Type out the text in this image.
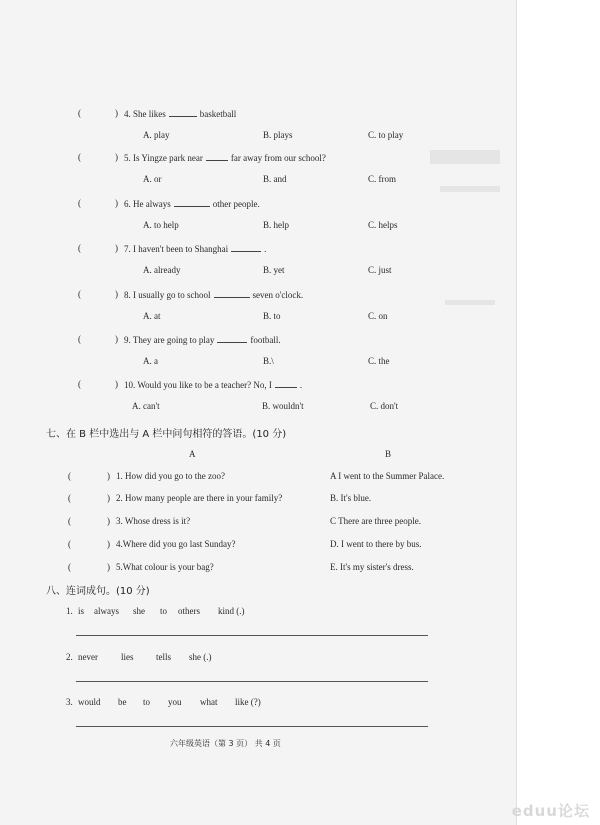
(	) 4. She likes	basketball
A. play	B. plays	C. to play
(	) 5. Is Yingze park near	far away from our school?
A. or	B. and	C. from
(	) 6. He always	other people.
A. to help	B. help	C. helps
(	) 7. I haven't been to Shanghai	.
A. already	B. yet	C. just
(	) 8. I usually go to school	seven o'clock.
A. at	B. to	C. on
(	) 9. They are going to play	football.
A. a	B.\	C. the
(	) 10. Would you like to be a teacher? No, I	.
A. can't	B. wouldn't	C. don't
七、在 B 栏中选出与 A 栏中问句相符的答语。(10 分)
A	B
(	) 1. How did you go to the zoo?	A I went to the Summer Palace.
(	) 2. How many people are there in your family?	B. It's blue.
(	) 3. Whose dress is it?	C There are three people.
(	) 4.Where did you go last Sunday?	D. I went to there by bus.
(	) 5.What colour is your bag?	E. It's my sister's dress.
八、连词成句。(10 分)
1. is always she to others kind (.)
2. never	lies	tells she (.)
3. would be to you what like (?)
六年级英语（第 3 页） 共 4 页
eduu论坛
